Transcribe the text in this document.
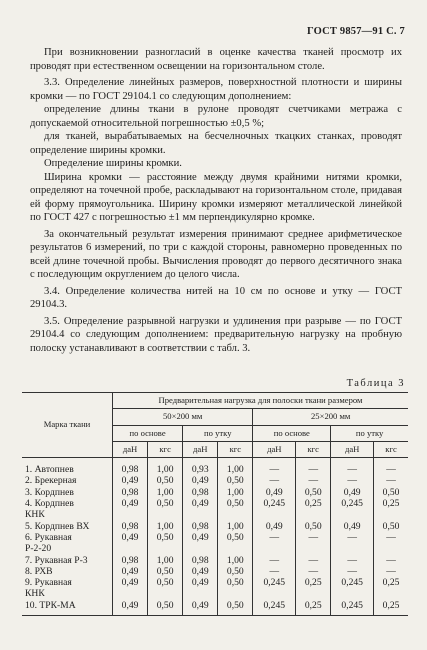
ГОСТ 9857—91 С. 7

При возникновении разногласий в оценке качества тканей просмотр их проводят при естественном освещении на горизонтальном столе.

3.3. Определение линейных размеров, поверхностной плотности и ширины кромки — по ГОСТ 29104.1 со следующим дополнением:

определение длины ткани в рулоне проводят счетчиками метража с допускаемой относительной погрешностью ±0,5 %;

для тканей, вырабатываемых на бесчелночных ткацких станках, проводят определение ширины кромки.

Определение ширины кромки.

Ширина кромки — расстояние между двумя крайними нитями кромки, определяют на точечной пробе, раскладывают на горизонтальном столе, придавая ей форму прямоугольника. Ширину кромки измеряют металлической линейкой по ГОСТ 427 с погрешностью ±1 мм перпендикулярно кромке.

За окончательный результат измерения принимают среднее арифметическое результатов 6 измерений, по три с каждой стороны, равномерно проведенных по всей длине точечной пробы. Вычисления проводят до первого десятичного знака с последующим округлением до целого числа.

3.4. Определение количества нитей на 10 см по основе и утку — ГОСТ 29104.3.

3.5. Определение разрывной нагрузки и удлинения при разрыве — по ГОСТ 29104.4 со следующим дополнением: предварительную нагрузку на пробную полоску устанавливают в соответствии с табл. 3.

Таблица 3
Марка ткани	Предварительная нагрузка для полоски ткани размером							
	50×200 мм				25×200 мм			
	по основе		по утку		по основе		по утку	
	даН	кгс	даН	кгс	даН	кгс	даН	кгс
1. Автопнев	0,98	1,00	0,93	1,00	—	—	—	—
2. Брекерная	0,49	0,50	0,49	0,50	—	—	—	—
3. Кордпнев	0,98	1,00	0,98	1,00	0,49	0,50	0,49	0,50
4. Кордпнев	0,49	0,50	0,49	0,50	0,245	0,25	0,245	0,25
КНК								
5. Кордпнев ВХ	0,98	1,00	0,98	1,00	0,49	0,50	0,49	0,50
6. Рукавная	0,49	0,50	0,49	0,50	—	—	—	—
Р-2-20								
7. Рукавная Р-3	0,98	1,00	0,98	1,00	—	—	—	—
8. РХВ	0,49	0,50	0,49	0,50	—	—	—	—
9. Рукавная	0,49	0,50	0,49	0,50	0,245	0,25	0,245	0,25
КНК								
10. ТРК-МА	0,49	0,50	0,49	0,50	0,245	0,25	0,245	0,25
